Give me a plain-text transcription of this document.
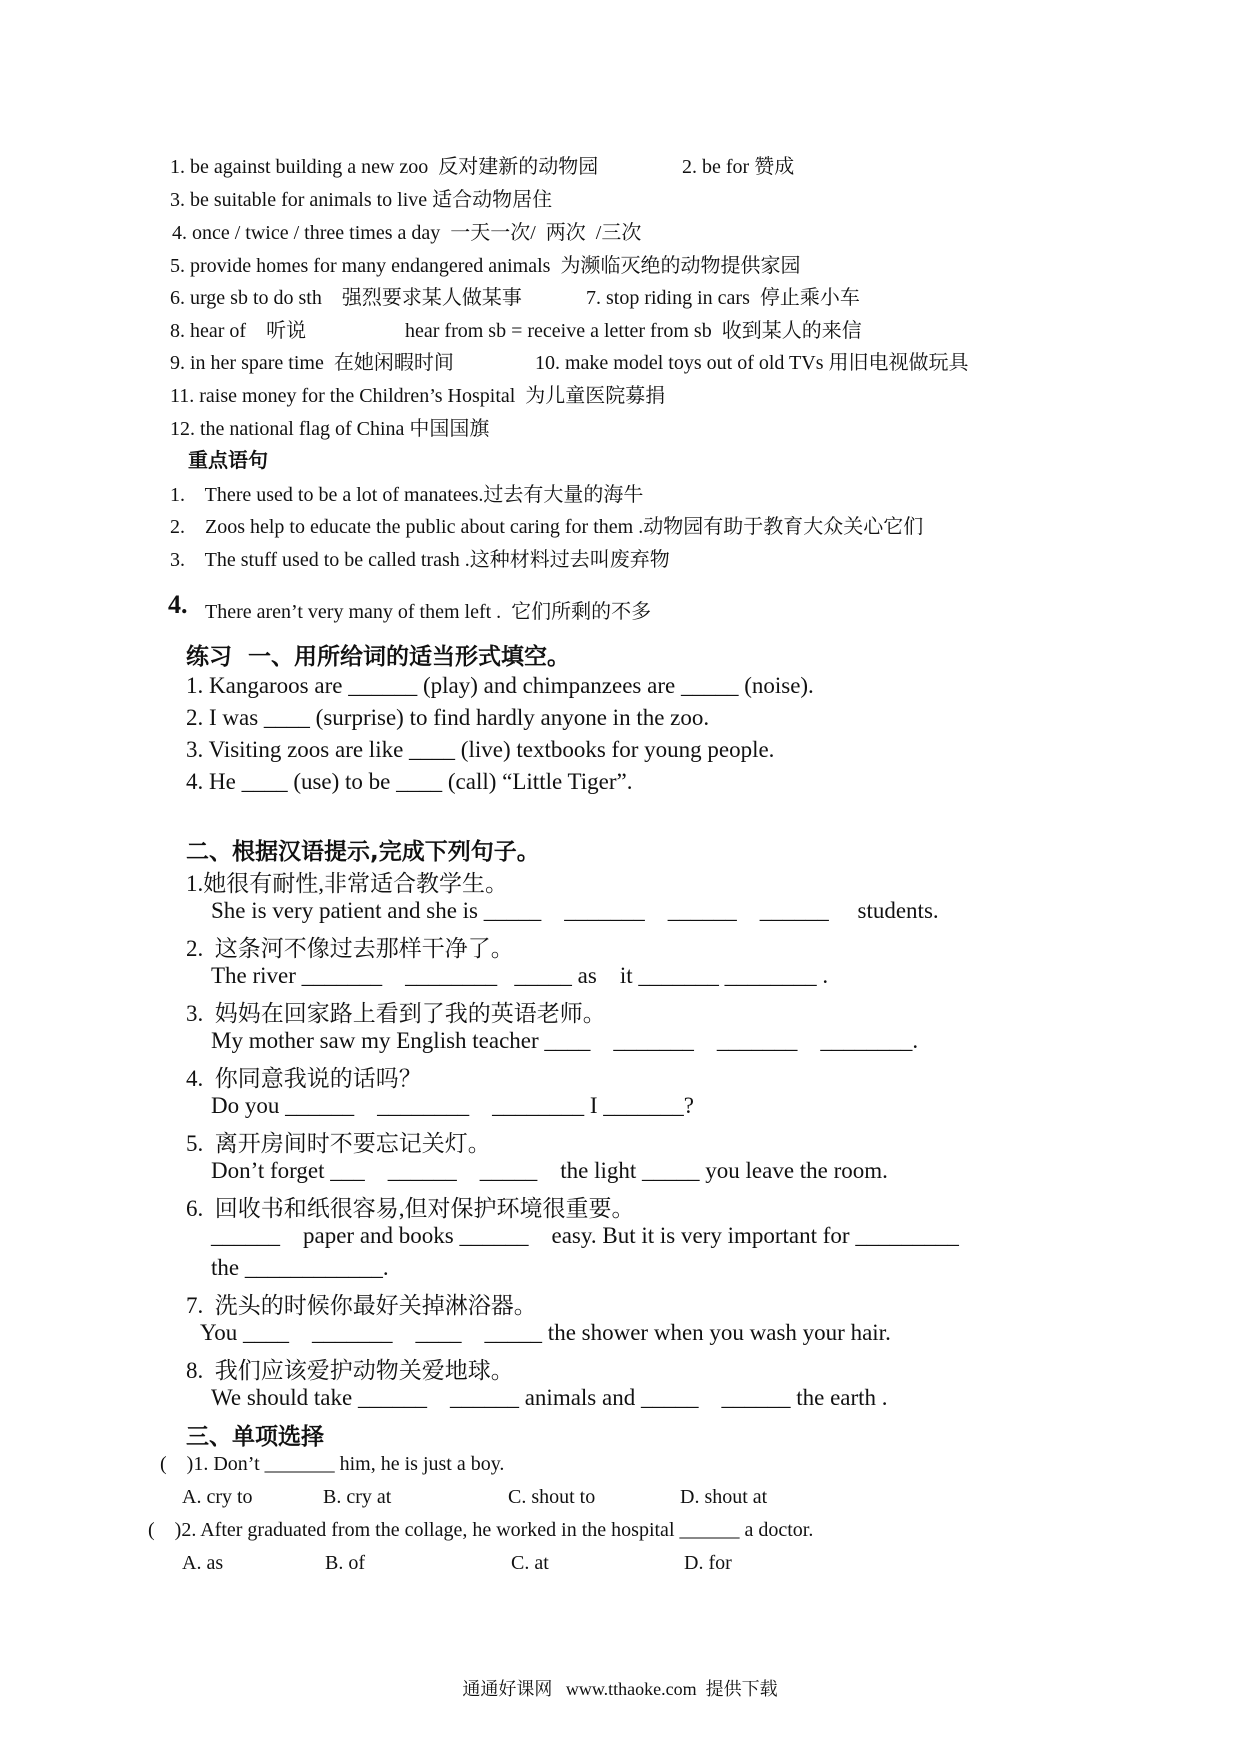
1. be against building a new zoo  反对建新的动物园	2. be for 赞成
3. be suitable for animals to live 适合动物居住
4. once / twice / three times a day  一天一次/  两次  /三次
5. provide homes for many endangered animals  为濒临灭绝的动物提供家园
6. urge sb to do sth    强烈要求某人做某事	7. stop riding in cars  停止乘小车
8. hear of    听说	hear from sb = receive a letter from sb  收到某人的来信
9. in her spare time  在她闲暇时间	10. make model toys out of old TVs 用旧电视做玩具
11. raise money for the Children’s Hospital  为儿童医院募捐
12. the national flag of China 中国国旗
重点语句
1.    There used to be a lot of manatees.过去有大量的海牛
2.    Zoos help to educate the public about caring for them .动物园有助于教育大众关心它们
3.    The stuff used to be called trash .这种材料过去叫废弃物
4. There aren’t very many of them left .  它们所剩的不多
练习  一、用所给词的适当形式填空。
1. Kangaroos are ______ (play) and chimpanzees are _____ (noise).
2. I was ____ (surprise) to find hardly anyone in the zoo.
3. Visiting zoos are like ____ (live) textbooks for young people.
4. He ____ (use) to be ____ (call) “Little Tiger”.
二、根据汉语提示,完成下列句子。
1.她很有耐性,非常适合教学生。
She is very patient and she is _____    _______    ______    ______     students.
2.  这条河不像过去那样干净了。
The river _______    ________   _____ as    it _______ ________ .
3.  妈妈在回家路上看到了我的英语老师。
My mother saw my English teacher ____    _______    _______    ________.
4.  你同意我说的话吗？
Do you ______    ________    ________ I _______?
5.  离开房间时不要忘记关灯。
Don’t forget ___    ______    _____    the light _____ you leave the room.
6.  回收书和纸很容易,但对保护环境很重要。
______    paper and books ______    easy. But it is very important for _________
the ____________.
7.  洗头的时候你最好关掉淋浴器。
You ____    _______    ____    _____ the shower when you wash your hair.
8.  我们应该爱护动物关爱地球。
We should take ______    ______ animals and _____    ______ the earth .
三、单项选择
(    )1. Don’t _______ him, he is just a boy.
A. cry to	B. cry at	C. shout to	D. shout at
(    )2. After graduated from the collage, he worked in the hospital ______ a doctor.
A. as	B. of	C. at	D. for
通通好课网   www.tthaoke.com  提供下载
